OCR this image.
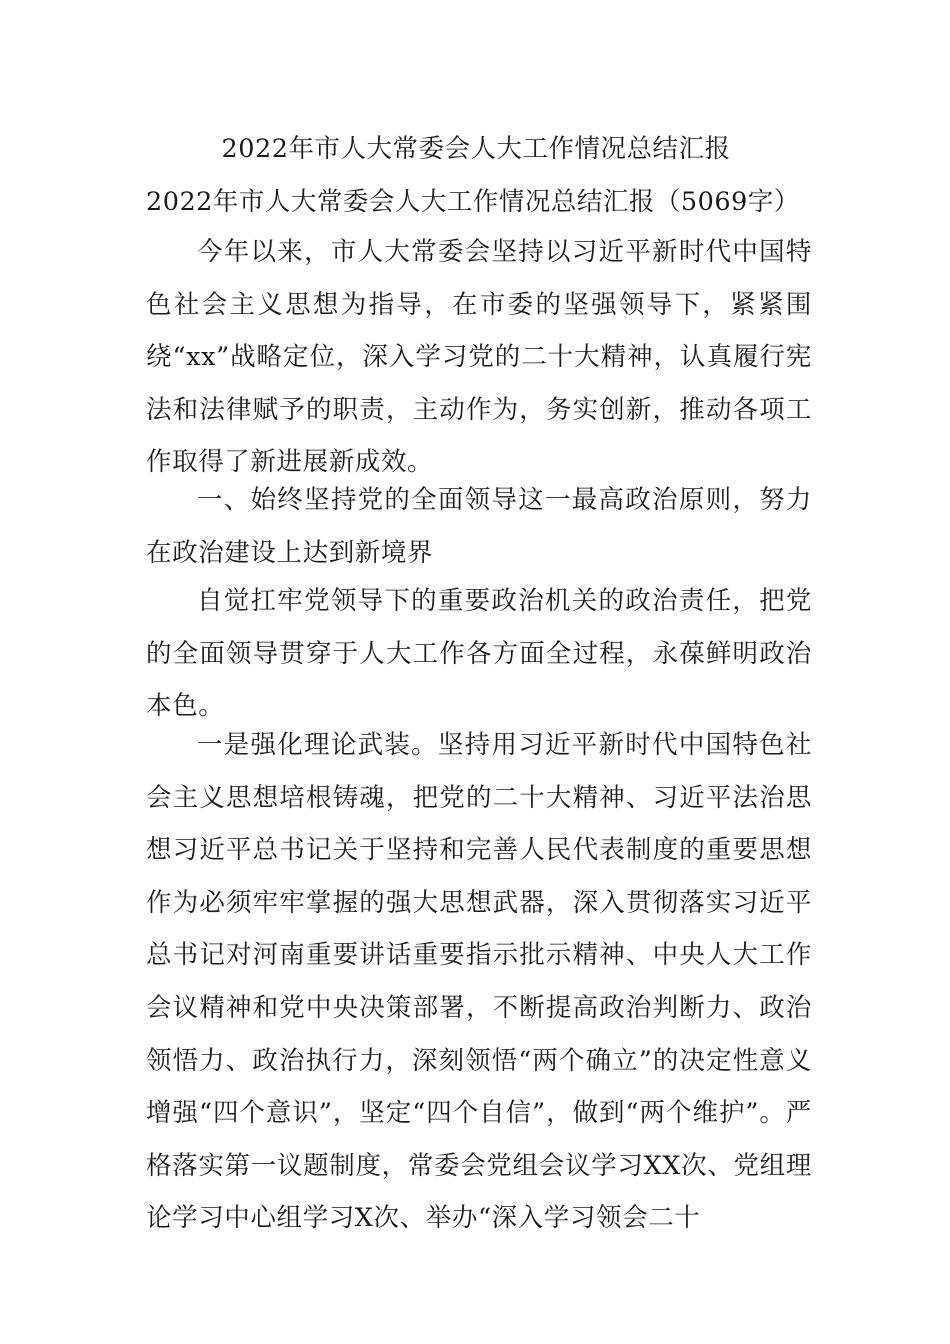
2022年市人大常委会人大工作情况总结汇报
2022年市人大常委会人大工作情况总结汇报（5069字）

今年以来，市人大常委会坚持以习近平新时代中国特色社会主义思想为指导，在市委的坚强领导下，紧紧围绕“xx”战略定位，深入学习党的二十大精神，认真履行宪法和法律赋予的职责，主动作为，务实创新，推动各项工作取得了新进展新成效。

一、始终坚持党的全面领导这一最高政治原则，努力在政治建设上达到新境界

自觉扛牢党领导下的重要政治机关的政治责任，把党的全面领导贯穿于人大工作各方面全过程，永葆鲜明政治本色。

一是强化理论武装。坚持用习近平新时代中国特色社会主义思想培根铸魂，把党的二十大精神、习近平法治思想习近平总书记关于坚持和完善人民代表制度的重要思想作为必须牢牢掌握的强大思想武器，深入贯彻落实习近平总书记对河南重要讲话重要指示批示精神、中央人大工作会议精神和党中央决策部署，不断提高政治判断力、政治领悟力、政治执行力，深刻领悟“两个确立”的决定性意义增强“四个意识”，坚定“四个自信”，做到“两个维护”。严格落实第一议题制度，常委会党组会议学习XX次、党组理论学习中心组学习X次、举办“深入学习领会二十
